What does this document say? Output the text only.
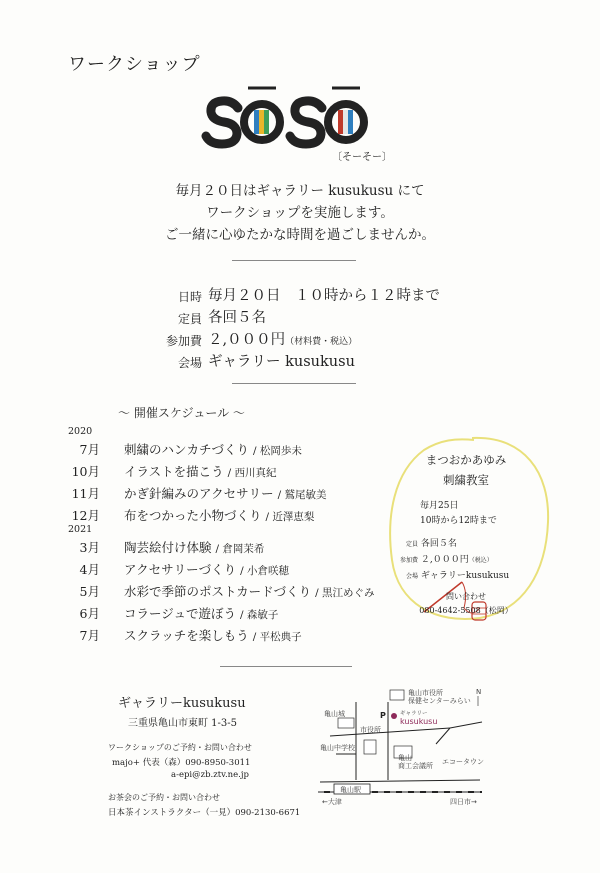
ワークショップ
〔そーそー〕
毎月２０日はギャラリー kusukusu にて
ワークショップを実施します。
ご一緒に心ゆたかな時間を過ごしませんか。
日時 毎月２０日　１０時から１２時まで
定員 各回５名
参加費 ２,０００円（材料費・税込）
会場 ギャラリー kusukusu
～ 開催スケジュール ～
2020
7月 刺繍のハンカチづくり / 松岡歩未
10月 イラストを描こう / 西川真紀
11月 かぎ針編みのアクセサリー / 鷲尾敏美
12月 布をつかった小物づくり / 近澤恵梨
2021
3月 陶芸絵付け体験 / 倉岡茉希
4月 アクセサリーづくり / 小倉咲穂
5月 水彩で季節のポストカードづくり / 黒江めぐみ
6月 コラージュで遊ぼう / 森敏子
7月 スクラッチを楽しもう / 平松典子
まつおかあゆみ
刺繍教室
毎月25日
10時から12時まで
定員 各回５名
参加費 ２,０００円（税込）
会場 ギャラリーkusukusu
問い合わせ
080-4642-5508（松岡）
ギャラリーkusukusu
三重県亀山市東町 1-3-5
ワークショップのご予約・お問い合わせ
majo+ 代表（森）090-8950-3011
a-epi@zb.ztv.ne.jp
お茶会のご予約・お問い合わせ
日本茶インストラクター（一見）090-2130-6671
亀山市役所
保健センターみらい
亀山城
市役所
P	ギャラリー
kusukusu
亀山中学校
亀山
商工会議所 エコータウン
亀山駅
←大津	四日市→
N
